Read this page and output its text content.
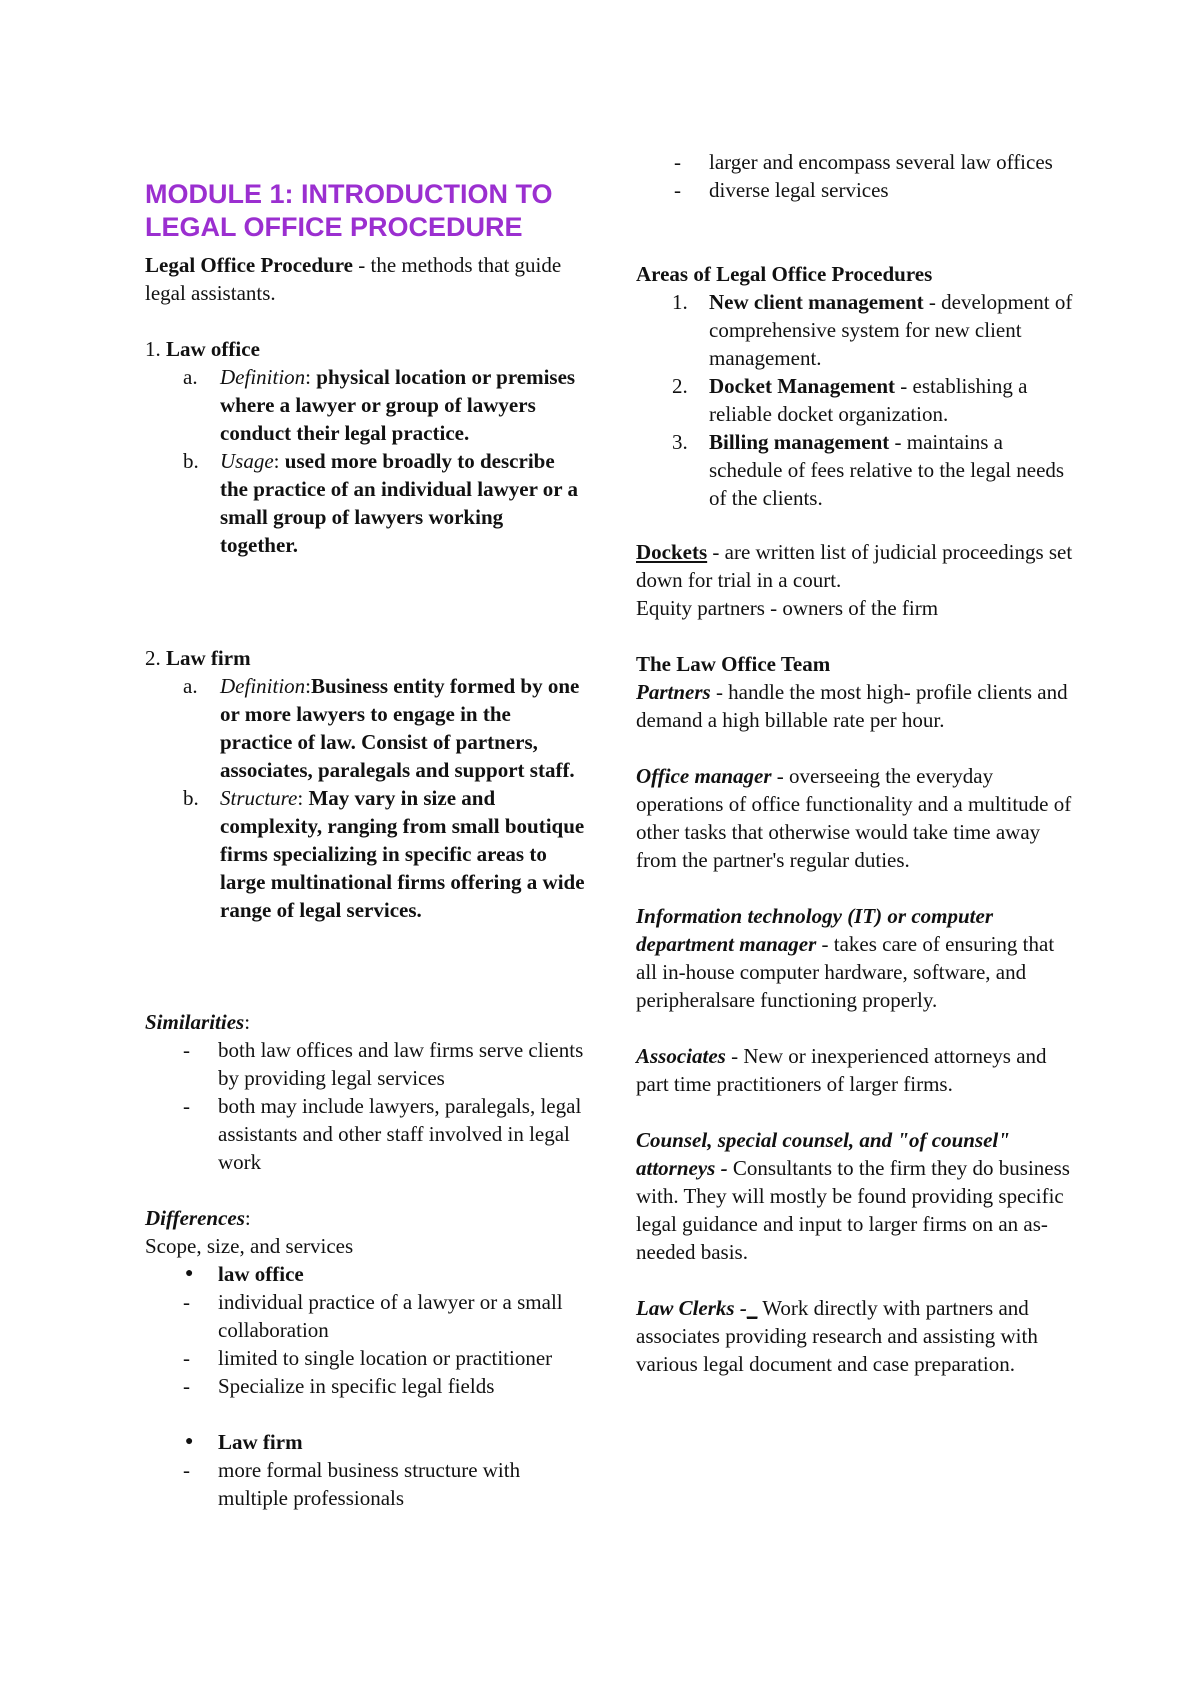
MODULE 1: INTRODUCTION TO LEGAL OFFICE PROCEDURE

Legal Office Procedure - the methods that guide legal assistants.

1. Law office

a.	Definition: physical location or premises where a lawyer or group of lawyers conduct their legal practice.

b.	Usage: used more broadly to describe the practice of an individual lawyer or a small group of lawyers working together.

2. Law firm

a.	Definition:Business entity formed by one or more lawyers to engage in the practice of law. Consist of partners, associates, paralegals and support staff.

b.	Structure: May vary in size and complexity, ranging from small boutique firms specializing in specific areas to large multinational firms offering a wide range of legal services.

Similarities:

-	both law offices and law firms serve clients by providing legal services

-	both may include lawyers, paralegals, legal assistants and other staff involved in legal work

Differences:

Scope, size, and services

●	law office

-	individual practice of a lawyer or a small collaboration

-	limited to single location or practitioner

-	Specialize in specific legal fields

●	Law firm

-	more formal business structure with multiple professionals

-	larger and encompass several law offices

-	diverse legal services

Areas of Legal Office Procedures

1.	New client management - development of comprehensive system for new client management.

2.	Docket Management - establishing a reliable docket organization.

3.	Billing management - maintains a schedule of fees relative to the legal needs of the clients.

Dockets - are written list of judicial proceedings set down for trial in a court.

Equity partners - owners of the firm

The Law Office Team

Partners - handle the most high- profile clients and demand a high billable rate per hour.

Office manager - overseeing the everyday operations of office functionality and a multitude of other tasks that otherwise would take time away from the partner's regular duties.

Information technology (IT) or computer department manager - takes care of ensuring that all in-house computer hardware, software, and peripheralsare functioning properly.

Associates - New or inexperienced attorneys and part time practitioners of larger firms.

Counsel, special counsel, and "of counsel" attorneys - Consultants to the firm they do business with. They will mostly be found providing specific legal guidance and input to larger firms on an as-needed basis.

Law Clerks -_ Work directly with partners and associates providing research and assisting with various legal document and case preparation.
